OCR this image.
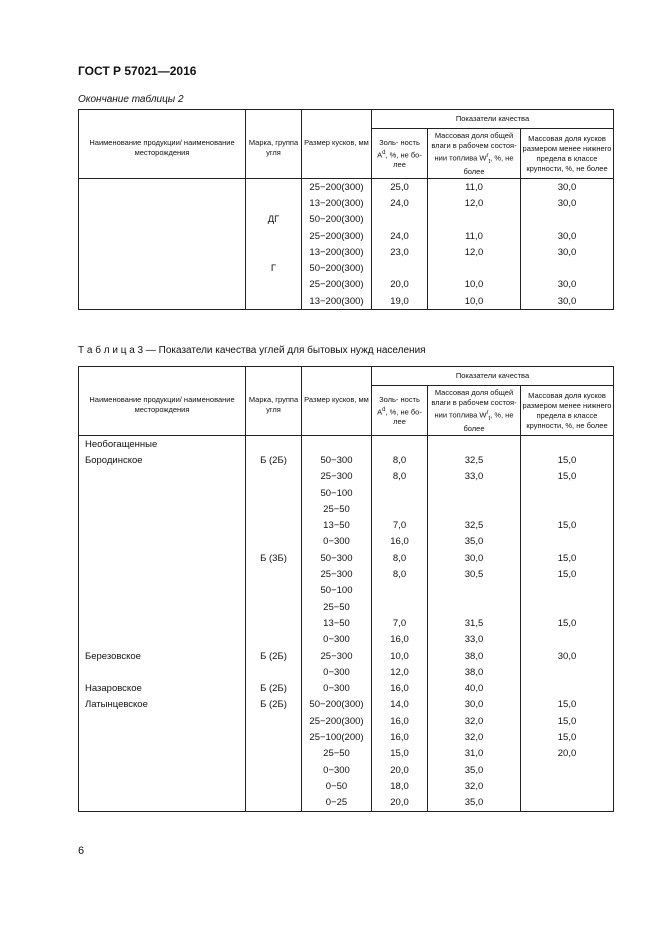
ГОСТ Р 57021—2016
Окончание таблицы 2
Наименование продукции/ наименование месторождения	Марка, группа угля	Размер кусков, мм	Показатели качества		
			Золь- ность $A^d$, %, не бо- лее	Массовая доля общей влаги в рабочем состоя- нии топлива $W^r_t$, %, не более	Массовая доля кусков размером менее нижнего предела в классе крупности, %, не более
		25−200(300)	25,0	11,0	30,0
		13−200(300)	24,0	12,0	30,0
	ДГ	50−200(300)			
		25−200(300)	24,0	11,0	30,0
		13−200(300)	23,0	12,0	30,0
	Г	50−200(300)			
		25−200(300)	20,0	10,0	30,0
		13−200(300)	19,0	10,0	30,0
Т а б л и ц а 3 — Показатели качества углей для бытовых нужд населения
Наименование продукции/ наименование месторождения	Марка, группа угля	Размер кусков, мм	Показатели качества		
			Золь- ность $A^d$, %, не бо- лее	Массовая доля общей влаги в рабочем состоя- нии топлива $W^r_t$, %, не более	Массовая доля кусков размером менее нижнего предела в классе крупности, %, не более
Необогащенные					
Бородинское	Б (2Б)	50−300	8,0	32,5	15,0
		25−300	8,0	33,0	15,0
		50−100			
		25−50			
		13−50	7,0	32,5	15,0
		0−300	16,0	35,0	
	Б (3Б)	50−300	8,0	30,0	15,0
		25−300	8,0	30,5	15,0
		50−100			
		25−50			
		13−50	7,0	31,5	15,0
		0−300	16,0	33,0	
Березовское	Б (2Б)	25−300	10,0	38,0	30,0
		0−300	12,0	38,0	
Назаровское	Б (2Б)	0−300	16,0	40,0	
Латынцевское	Б (2Б)	50−200(300)	14,0	30,0	15,0
		25−200(300)	16,0	32,0	15,0
		25−100(200)	16,0	32,0	15,0
		25−50	15,0	31,0	20,0
		0−300	20,0	35,0	
		0−50	18,0	32,0	
		0−25	20,0	35,0	
6
